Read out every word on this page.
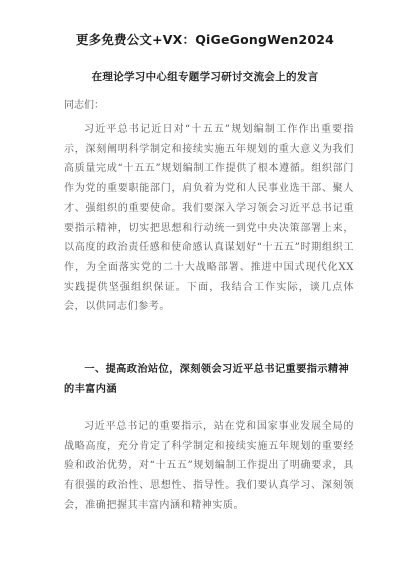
更多免费公文+VX：QiGeGongWen2024
在理论学习中心组专题学习研讨交流会上的发言
同志们：
习近平总书记近日对“十五五”规划编制工作作出重要指示，深刻阐明科学制定和接续实施五年规划的重大意义为我们高质量完成“十五五”规划编制工作提供了根本遵循。组织部门作为党的重要职能部门，肩负着为党和人民事业选干部、聚人才、强组织的重要使命。我们要深入学习领会习近平总书记重要指示精神，切实把思想和行动统一到党中央决策部署上来，以高度的政治责任感和使命感认真谋划好“十五五”时期组织工作，为全面落实党的二十大战略部署、推进中国式现代化XX实践提供坚强组织保证。下面，我结合工作实际，谈几点体会，以供同志们参考。
一、提高政治站位，深刻领会习近平总书记重要指示精神的丰富内涵
习近平总书记的重要指示，站在党和国家事业发展全局的战略高度，充分肯定了科学制定和接续实施五年规划的重要经验和政治优势，对“十五五”规划编制工作提出了明确要求，具有很强的政治性、思想性、指导性。我们要认真学习、深刻领会，准确把握其丰富内涵和精神实质。
